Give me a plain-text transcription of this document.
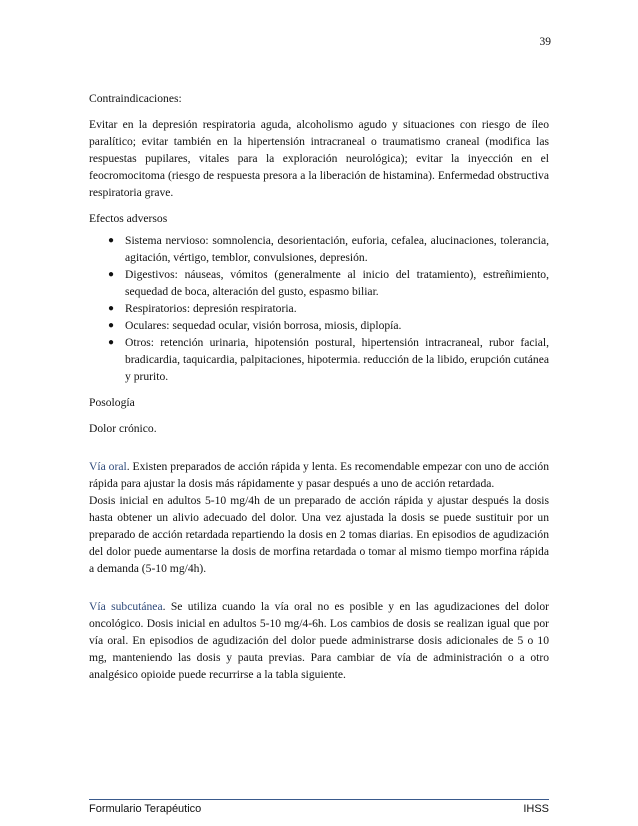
39

Contraindicaciones:

Evitar en la depresión respiratoria aguda, alcoholismo agudo y situaciones con riesgo de íleo paralítico; evitar también en la hipertensión intracraneal o traumatismo craneal (modifica las respuestas pupilares, vitales para la exploración neurológica); evitar la inyección en el feocromocitoma (riesgo de respuesta presora a la liberación de histamina). Enfermedad obstructiva respiratoria grave.

Efectos adversos

● Sistema nervioso: somnolencia, desorientación, euforia, cefalea, alucinaciones, tolerancia, agitación, vértigo, temblor, convulsiones, depresión.
● Digestivos: náuseas, vómitos (generalmente al inicio del tratamiento), estreñimiento, sequedad de boca, alteración del gusto, espasmo biliar.
● Respiratorios: depresión respiratoria.
● Oculares: sequedad ocular, visión borrosa, miosis, diplopía.
● Otros: retención urinaria, hipotensión postural, hipertensión intracraneal, rubor facial, bradicardia, taquicardia, palpitaciones, hipotermia. reducción de la libido, erupción cutánea y prurito.

Posología

Dolor crónico.

Vía oral. Existen preparados de acción rápida y lenta. Es recomendable empezar con uno de acción rápida para ajustar la dosis más rápidamente y pasar después a uno de acción retardada.

Dosis inicial en adultos 5-10 mg/4h de un preparado de acción rápida y ajustar después la dosis hasta obtener un alivio adecuado del dolor. Una vez ajustada la dosis se puede sustituir por un preparado de acción retardada repartiendo la dosis en 2 tomas diarias. En episodios de agudización del dolor puede aumentarse la dosis de morfina retardada o tomar al mismo tiempo morfina rápida a demanda (5-10 mg/4h).

Vía subcutánea. Se utiliza cuando la vía oral no es posible y en las agudizaciones del dolor oncológico. Dosis inicial en adultos 5-10 mg/4-6h. Los cambios de dosis se realizan igual que por vía oral. En episodios de agudización del dolor puede administrarse dosis adicionales de 5 o 10 mg, manteniendo las dosis y pauta previas. Para cambiar de vía de administración o a otro analgésico opioide puede recurrirse a la tabla siguiente.

Formulario Terapéutico	IHSS
